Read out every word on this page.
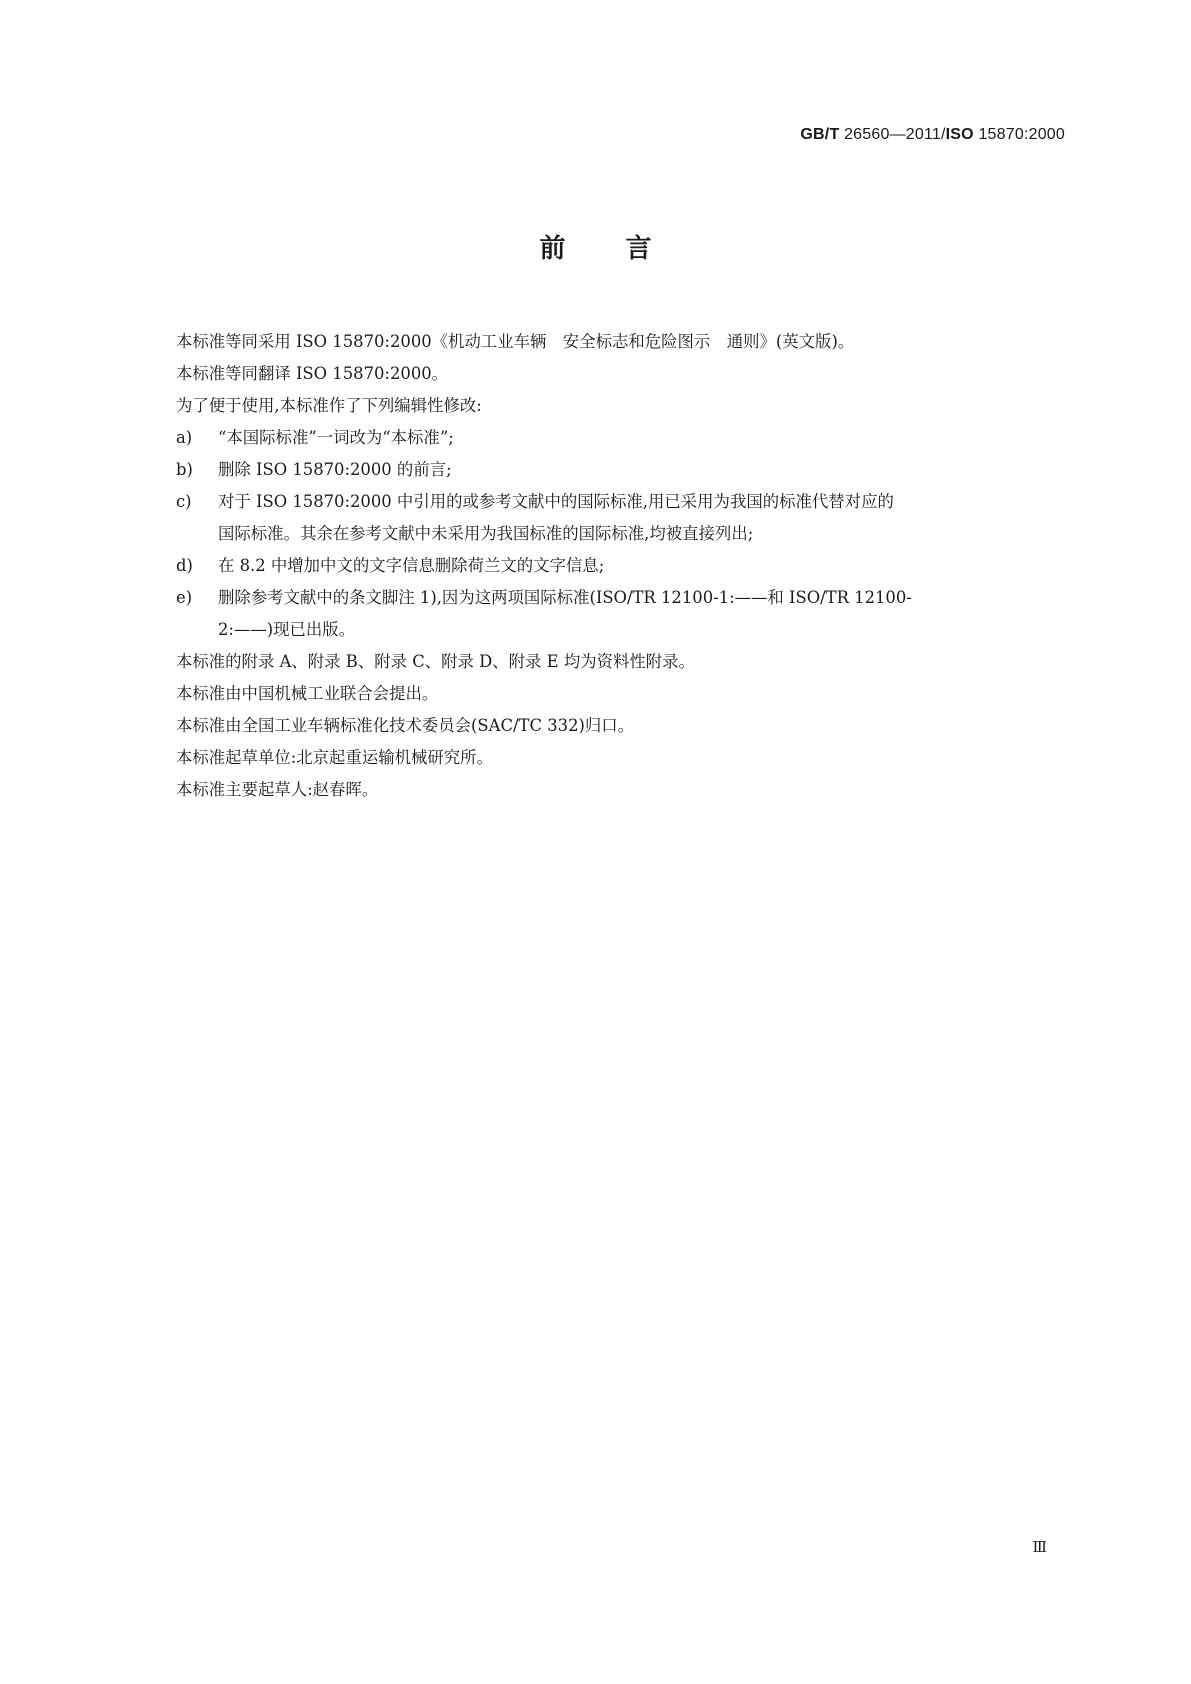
GB/T 26560—2011/ISO 15870:2000
前言
本标准等同采用 ISO 15870:2000《机动工业车辆　安全标志和危险图示　通则》(英文版)。
本标准等同翻译 ISO 15870:2000。
为了便于使用,本标准作了下列编辑性修改:
a)	“本国际标准”一词改为“本标准”;
b)	删除 ISO 15870:2000 的前言;
c)	对于 ISO 15870:2000 中引用的或参考文献中的国际标准,用已采用为我国的标准代替对应的
国际标准。其余在参考文献中未采用为我国标准的国际标准,均被直接列出;
d)	在 8.2 中增加中文的文字信息删除荷兰文的文字信息;
e)	删除参考文献中的条文脚注 1),因为这两项国际标准(ISO/TR 12100-1:——和 ISO/TR 12100-
2:——)现已出版。
本标准的附录 A、附录 B、附录 C、附录 D、附录 E 均为资料性附录。
本标准由中国机械工业联合会提出。
本标准由全国工业车辆标准化技术委员会(SAC/TC 332)归口。
本标准起草单位:北京起重运输机械研究所。
本标准主要起草人:赵春晖。
Ⅲ
